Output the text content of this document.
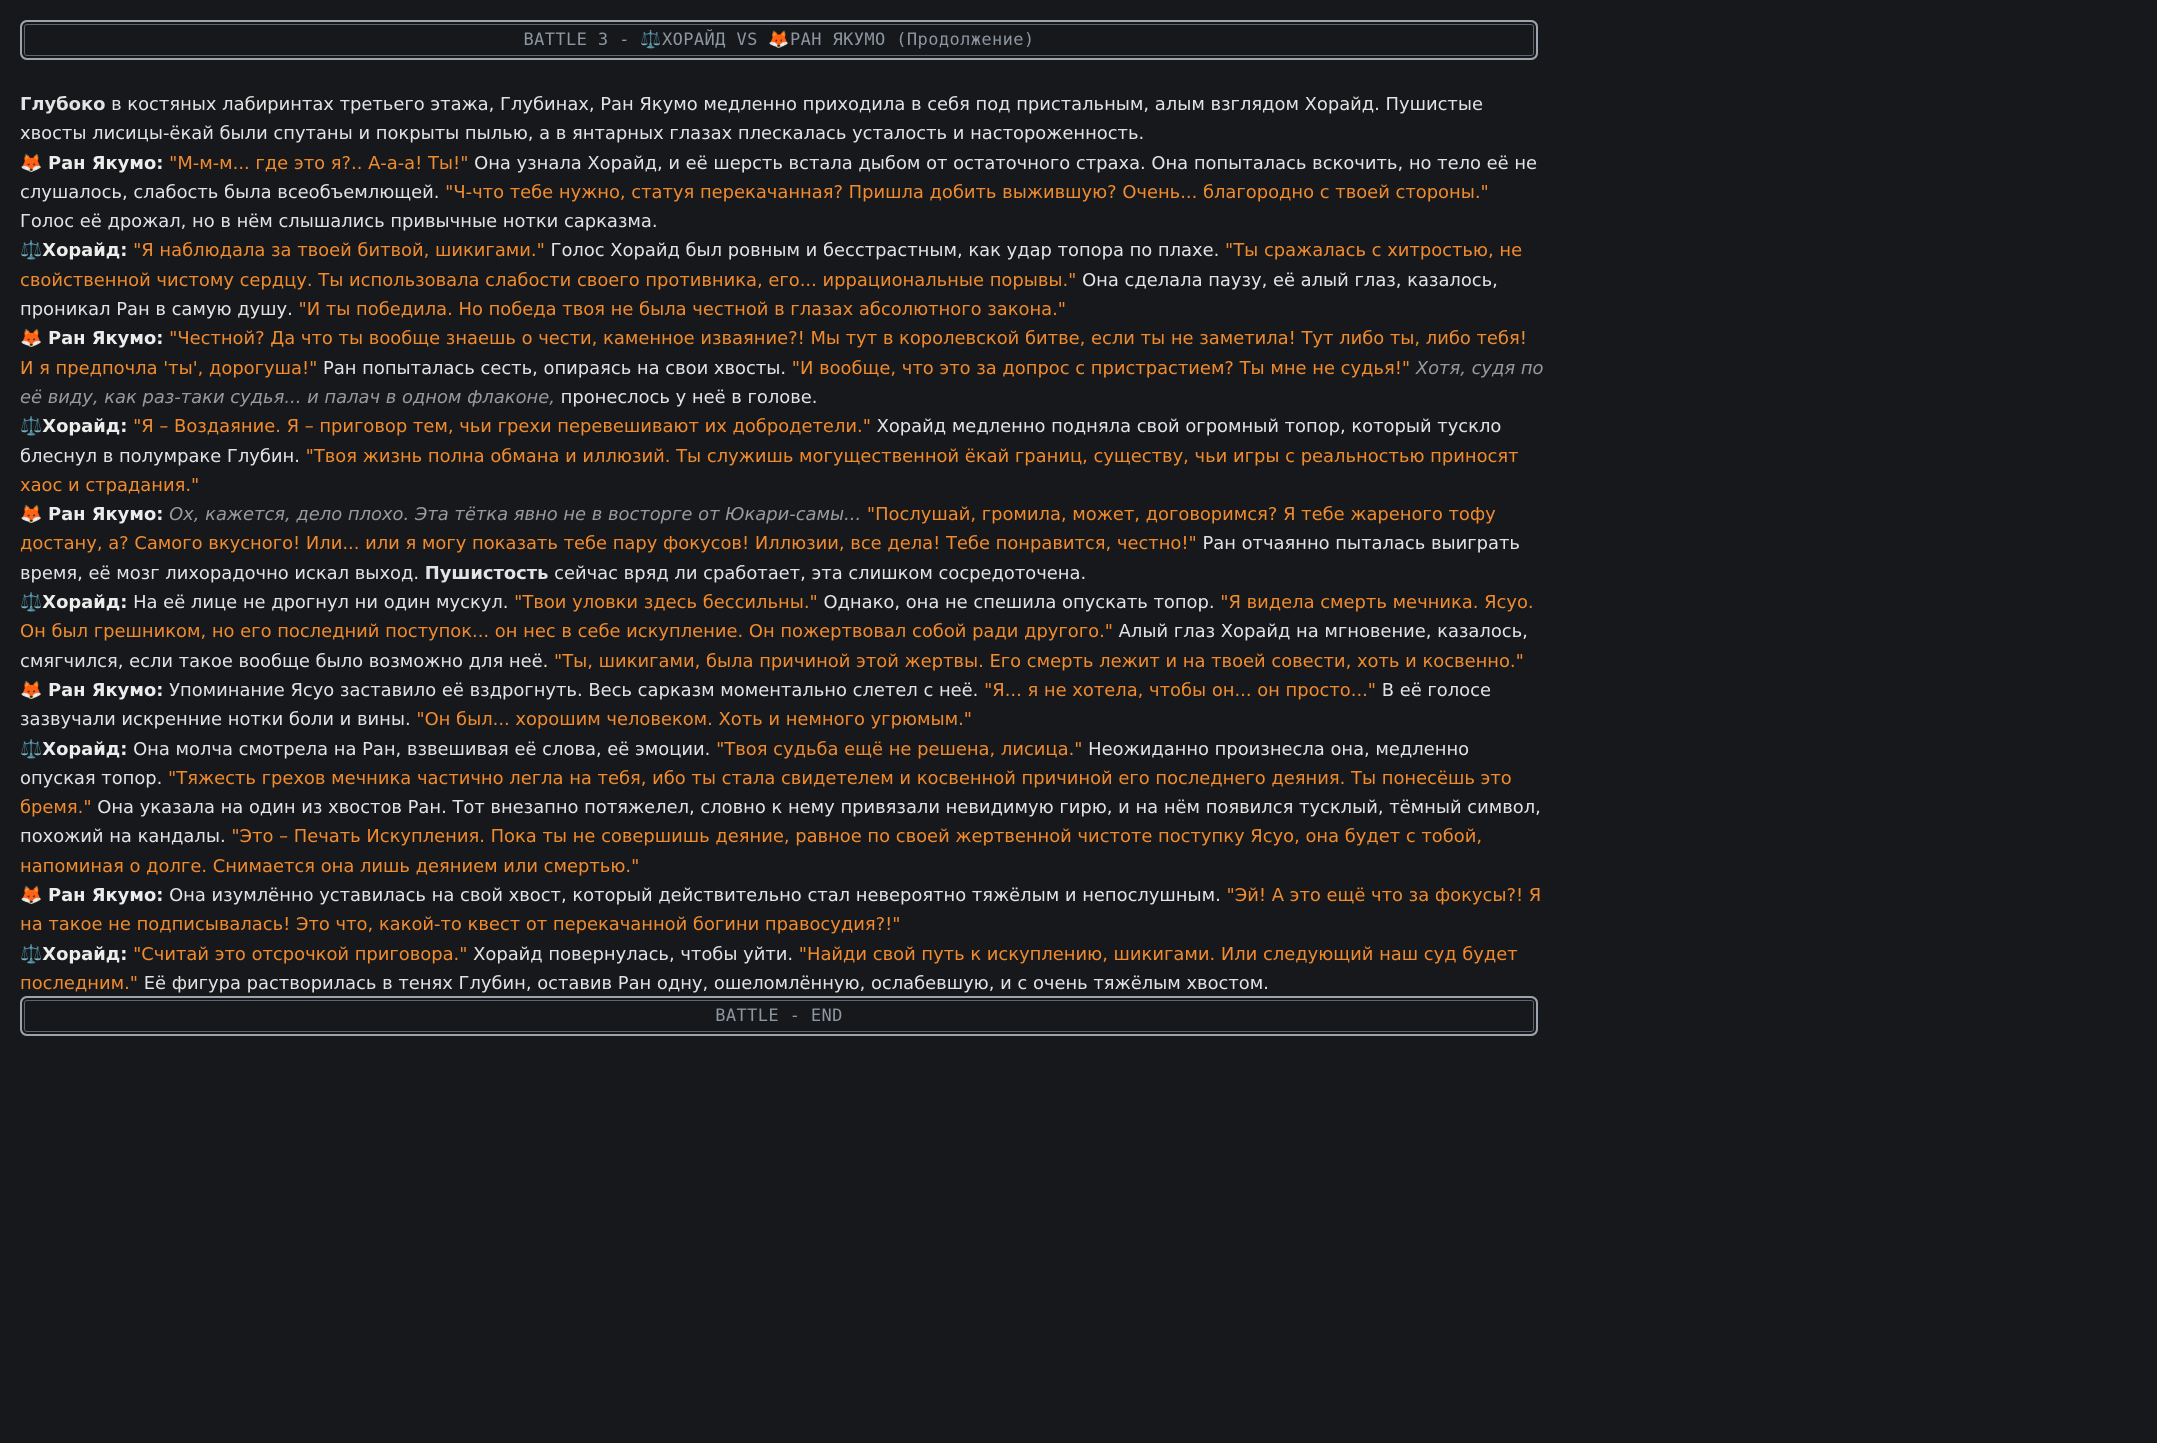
BATTLE 3 - ⚖️ХОРАЙД VS 🦊РАН ЯКУМО (Продолжение)

Глубоко в костяных лабиринтах третьего этажа, Глубинах, Ран Якумо медленно приходила в себя под пристальным, алым взглядом Хорайд. Пушистые хвосты лисицы-ёкай были спутаны и покрыты пылью, а в янтарных глазах плескалась усталость и настороженность.

🦊 Ран Якумо: "М-м-м... где это я?.. А-а-а! Ты!" Она узнала Хорайд, и её шерсть встала дыбом от остаточного страха. Она попыталась вскочить, но тело её не слушалось, слабость была всеобъемлющей. "Ч-что тебе нужно, статуя перекачанная? Пришла добить выжившую? Очень... благородно с твоей стороны." Голос её дрожал, но в нём слышались привычные нотки сарказма.

⚖️Хорайд: "Я наблюдала за твоей битвой, шикигами." Голос Хорайд был ровным и бесстрастным, как удар топора по плахе. "Ты сражалась с хитростью, не свойственной чистому сердцу. Ты использовала слабости своего противника, его... иррациональные порывы." Она сделала паузу, её алый глаз, казалось, проникал Ран в самую душу. "И ты победила. Но победа твоя не была честной в глазах абсолютного закона."

🦊 Ран Якумо: "Честной? Да что ты вообще знаешь о чести, каменное изваяние?! Мы тут в королевской битве, если ты не заметила! Тут либо ты, либо тебя! И я предпочла 'ты', дорогуша!" Ран попыталась сесть, опираясь на свои хвосты. "И вообще, что это за допрос с пристрастием? Ты мне не судья!" Хотя, судя по её виду, как раз-таки судья... и палач в одном флаконе, пронеслось у неё в голове.

⚖️Хорайд: "Я – Воздаяние. Я – приговор тем, чьи грехи перевешивают их добродетели." Хорайд медленно подняла свой огромный топор, который тускло блеснул в полумраке Глубин. "Твоя жизнь полна обмана и иллюзий. Ты служишь могущественной ёкай границ, существу, чьи игры с реальностью приносят хаос и страдания."

🦊 Ран Якумо: Ох, кажется, дело плохо. Эта тётка явно не в восторге от Юкари-самы... "Послушай, громила, может, договоримся? Я тебе жареного тофу достану, а? Самого вкусного! Или... или я могу показать тебе пару фокусов! Иллюзии, все дела! Тебе понравится, честно!" Ран отчаянно пыталась выиграть время, её мозг лихорадочно искал выход. Пушистость сейчас вряд ли сработает, эта слишком сосредоточена.

⚖️Хорайд: На её лице не дрогнул ни один мускул. "Твои уловки здесь бессильны." Однако, она не спешила опускать топор. "Я видела смерть мечника. Ясуо. Он был грешником, но его последний поступок... он нес в себе искупление. Он пожертвовал собой ради другого." Алый глаз Хорайд на мгновение, казалось, смягчился, если такое вообще было возможно для неё. "Ты, шикигами, была причиной этой жертвы. Его смерть лежит и на твоей совести, хоть и косвенно."

🦊 Ран Якумо: Упоминание Ясуо заставило её вздрогнуть. Весь сарказм моментально слетел с неё. "Я... я не хотела, чтобы он... он просто..." В её голосе зазвучали искренние нотки боли и вины. "Он был... хорошим человеком. Хоть и немного угрюмым."

⚖️Хорайд: Она молча смотрела на Ран, взвешивая её слова, её эмоции. "Твоя судьба ещё не решена, лисица." Неожиданно произнесла она, медленно опуская топор. "Тяжесть грехов мечника частично легла на тебя, ибо ты стала свидетелем и косвенной причиной его последнего деяния. Ты понесёшь это бремя." Она указала на один из хвостов Ран. Тот внезапно потяжелел, словно к нему привязали невидимую гирю, и на нём появился тусклый, тёмный символ, похожий на кандалы. "Это – Печать Искупления. Пока ты не совершишь деяние, равное по своей жертвенной чистоте поступку Ясуо, она будет с тобой, напоминая о долге. Снимается она лишь деянием или смертью."

🦊 Ран Якумо: Она изумлённо уставилась на свой хвост, который действительно стал невероятно тяжёлым и непослушным. "Эй! А это ещё что за фокусы?! Я на такое не подписывалась! Это что, какой-то квест от перекачанной богини правосудия?!"

⚖️Хорайд: "Считай это отсрочкой приговора." Хорайд повернулась, чтобы уйти. "Найди свой путь к искуплению, шикигами. Или следующий наш суд будет последним." Её фигура растворилась в тенях Глубин, оставив Ран одну, ошеломлённую, ослабевшую, и с очень тяжёлым хвостом.

BATTLE - END
